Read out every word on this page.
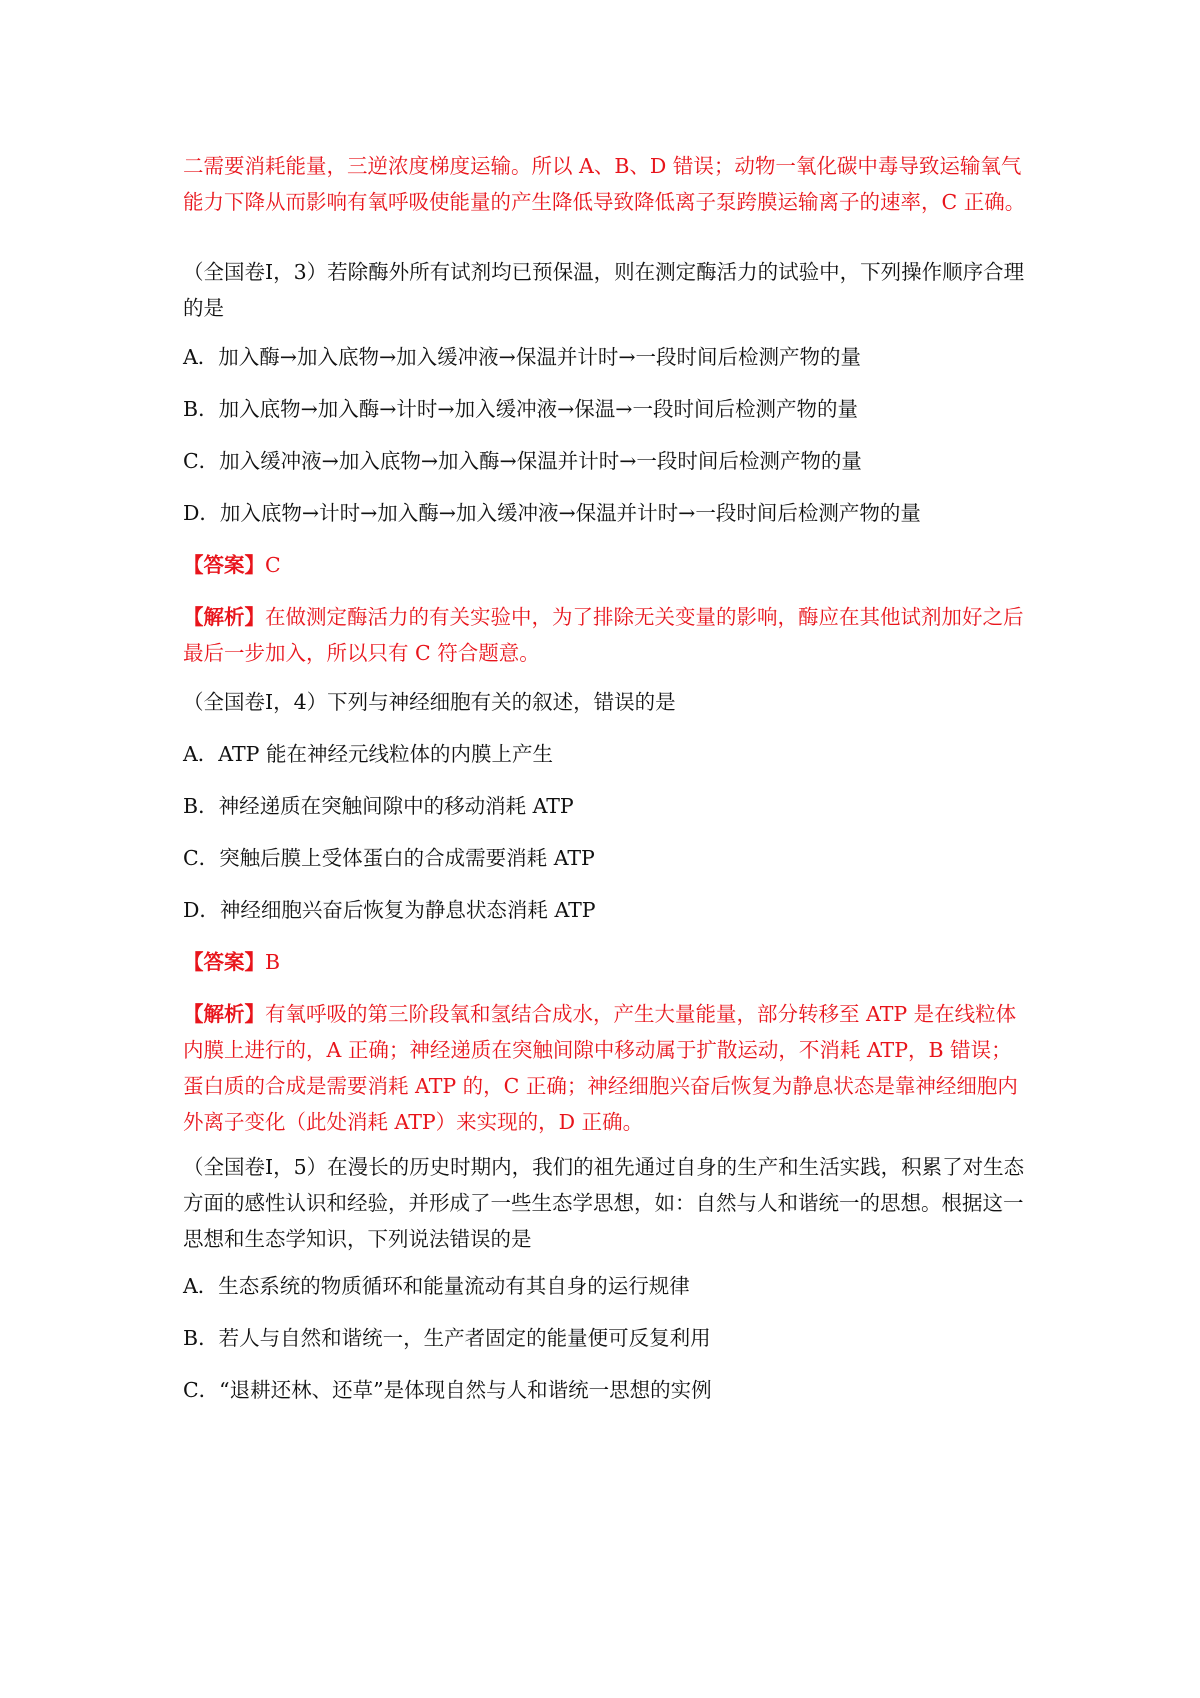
二需要消耗能量，三逆浓度梯度运输。所以 A、B、D 错误；动物一氧化碳中毒导致运输氧气能力下降从而影响有氧呼吸使能量的产生降低导致降低离子泵跨膜运输离子的速率，C 正确。

（全国卷Ⅰ，3）若除酶外所有试剂均已预保温，则在测定酶活力的试验中，下列操作顺序合理的是

A．加入酶→加入底物→加入缓冲液→保温并计时→一段时间后检测产物的量

B．加入底物→加入酶→计时→加入缓冲液→保温→一段时间后检测产物的量

C．加入缓冲液→加入底物→加入酶→保温并计时→一段时间后检测产物的量

D．加入底物→计时→加入酶→加入缓冲液→保温并计时→一段时间后检测产物的量

【答案】C

【解析】在做测定酶活力的有关实验中，为了排除无关变量的影响，酶应在其他试剂加好之后最后一步加入，所以只有 C 符合题意。

（全国卷Ⅰ，4）下列与神经细胞有关的叙述，错误的是

A．ATP 能在神经元线粒体的内膜上产生

B．神经递质在突触间隙中的移动消耗 ATP

C．突触后膜上受体蛋白的合成需要消耗 ATP

D．神经细胞兴奋后恢复为静息状态消耗 ATP

【答案】B

【解析】有氧呼吸的第三阶段氧和氢结合成水，产生大量能量，部分转移至 ATP 是在线粒体内膜上进行的，A 正确；神经递质在突触间隙中移动属于扩散运动，不消耗 ATP，B 错误；蛋白质的合成是需要消耗 ATP 的，C 正确；神经细胞兴奋后恢复为静息状态是靠神经细胞内外离子变化（此处消耗 ATP）来实现的，D 正确。

（全国卷Ⅰ，5）在漫长的历史时期内，我们的祖先通过自身的生产和生活实践，积累了对生态方面的感性认识和经验，并形成了一些生态学思想，如：自然与人和谐统一的思想。根据这一思想和生态学知识，下列说法错误的是

A．生态系统的物质循环和能量流动有其自身的运行规律

B．若人与自然和谐统一，生产者固定的能量便可反复利用

C．“退耕还林、还草”是体现自然与人和谐统一思想的实例
